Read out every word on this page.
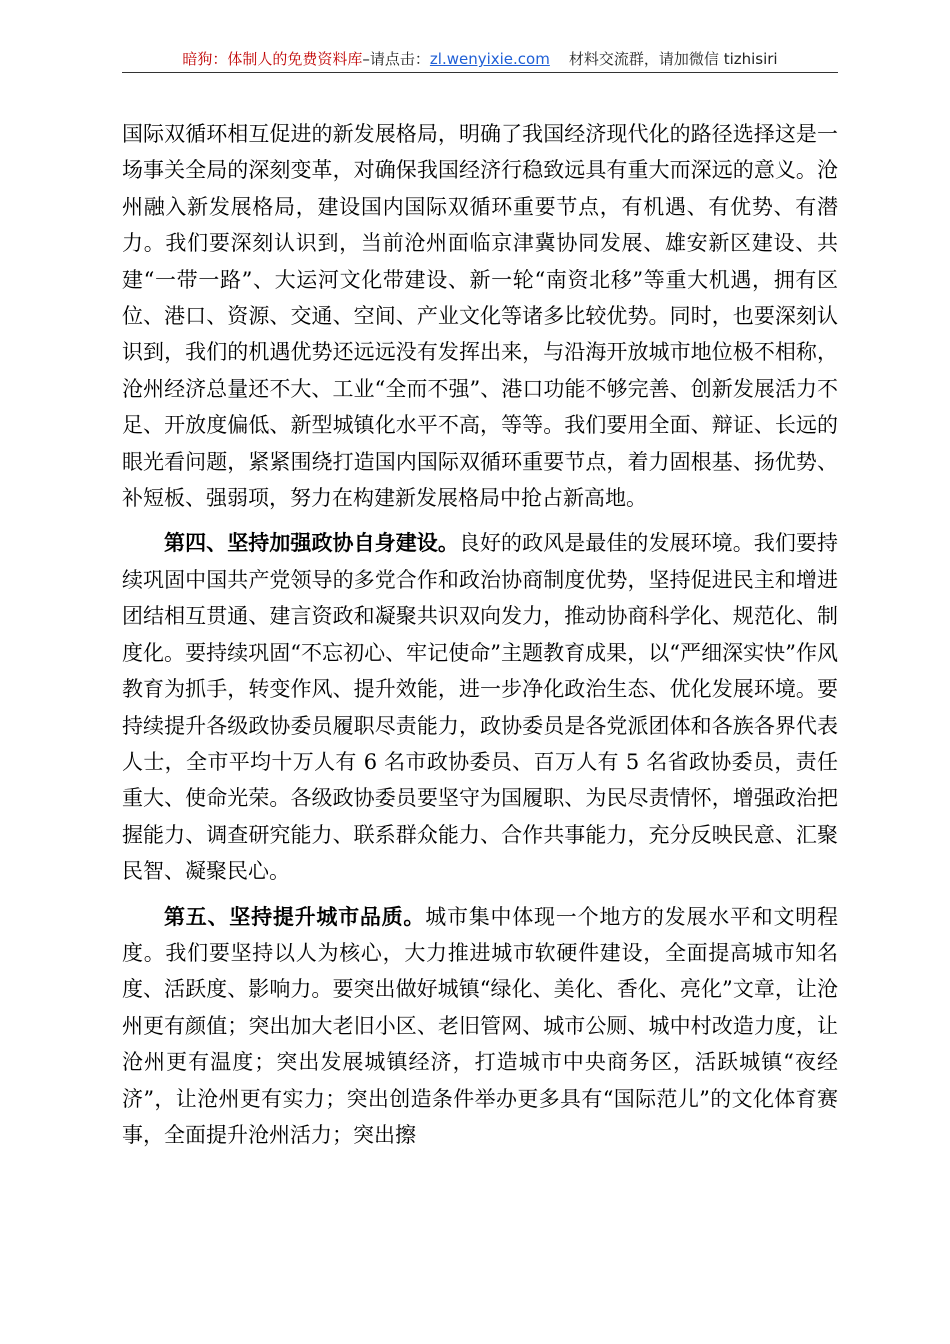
暗狗：体制人的免费资料库–请点击：zl.wenyixie.com 材料交流群，请加微信 tizhisiri

国际双循环相互促进的新发展格局，明确了我国经济现代化的路径选择这是一场事关全局的深刻变革，对确保我国经济行稳致远具有重大而深远的意义。沧州融入新发展格局，建设国内国际双循环重要节点，有机遇、有优势、有潜力。我们要深刻认识到，当前沧州面临京津冀协同发展、雄安新区建设、共建“一带一路”、大运河文化带建设、新一轮“南资北移”等重大机遇，拥有区位、港口、资源、交通、空间、产业文化等诸多比较优势。同时，也要深刻认识到，我们的机遇优势还远远没有发挥出来，与沿海开放城市地位极不相称，沧州经济总量还不大、工业“全而不强”、港口功能不够完善、创新发展活力不足、开放度偏低、新型城镇化水平不高，等等。我们要用全面、辩证、长远的眼光看问题，紧紧围绕打造国内国际双循环重要节点，着力固根基、扬优势、补短板、强弱项，努力在构建新发展格局中抢占新高地。

第四、坚持加强政协自身建设。良好的政风是最佳的发展环境。我们要持续巩固中国共产党领导的多党合作和政治协商制度优势，坚持促进民主和增进团结相互贯通、建言资政和凝聚共识双向发力，推动协商科学化、规范化、制度化。要持续巩固“不忘初心、牢记使命”主题教育成果，以“严细深实快”作风教育为抓手，转变作风、提升效能，进一步净化政治生态、优化发展环境。要持续提升各级政协委员履职尽责能力，政协委员是各党派团体和各族各界代表人士，全市平均十万人有 6 名市政协委员、百万人有 5 名省政协委员，责任重大、使命光荣。各级政协委员要坚守为国履职、为民尽责情怀，增强政治把握能力、调查研究能力、联系群众能力、合作共事能力，充分反映民意、汇聚民智、凝聚民心。

第五、坚持提升城市品质。城市集中体现一个地方的发展水平和文明程度。我们要坚持以人为核心，大力推进城市软硬件建设，全面提高城市知名度、活跃度、影响力。要突出做好城镇“绿化、美化、香化、亮化”文章，让沧州更有颜值；突出加大老旧小区、老旧管网、城市公厕、城中村改造力度，让沧州更有温度；突出发展城镇经济，打造城市中央商务区，活跃城镇“夜经济”，让沧州更有实力；突出创造条件举办更多具有“国际范儿”的文化体育赛事，全面提升沧州活力；突出擦
